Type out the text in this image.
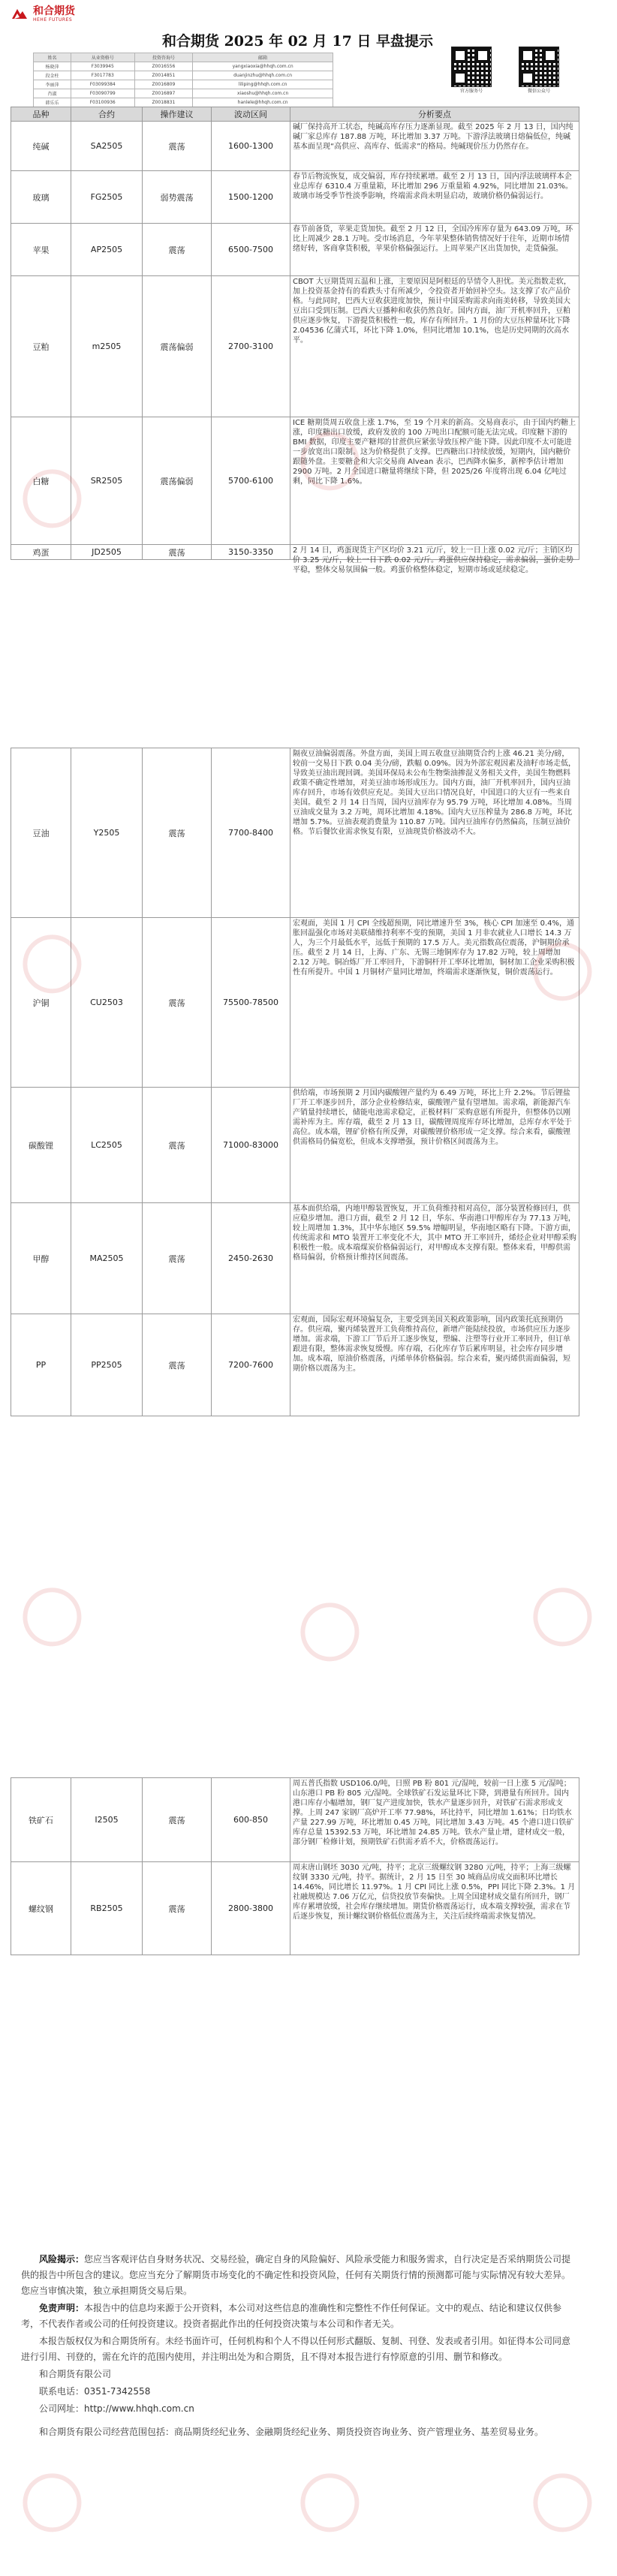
和合期货
HEHE FUTURES
和合期货 2025 年 02 月 17 日 早盘提示
姓名	从业资格号	投资咨询号	邮箱
杨晓萍	F3039945	Z0016556	yangxiaoxia@hhqh.com.cn
段金柱	F3017783	Z0014851	duanjinzhu@hhqh.com.cn
李丽萍	F03099384	Z0016809	liliping@hhqh.com.cn
肖淑	F03090799	Z0016897	xiaoshu@hhqh.com.cn
韩乐乐	F03100936	Z0018831	hanlele@hhqh.com.cn
官方服务号	微信公众号
品种	合约	操作建议	波动区间	分析要点
纯碱	SA2505	震荡	1600-1300	碱厂保持高开工状态，纯碱高库存压力逐渐显现。截至 2025 年 2 月 13 日，国内纯碱厂家总库存 187.88 万吨，环比增加 3.37 万吨。下游浮法玻璃日熔偏低位，纯碱基本面呈现“高供应、高库存、低需求”的格局。纯碱现价压力仍然存在。

玻璃	FG2505	弱势震荡	1500-1200	春节后物流恢复，成交偏弱，库存持续累增。截至 2 月 13 日，国内浮法玻璃样本企业总库存 6310.4 万重量箱，环比增加 296 万重量箱 4.92%，同比增加 21.03%。玻璃市场受季节性淡季影响，终端需求尚未明显启动，玻璃价格仍偏弱运行。

苹果	AP2505	震荡	6500-7500	春节前备货，苹果走货加快。截至 2 月 12 日，全国冷库库存量为 643.09 万吨，环比上周减少 28.1 万吨。受市场消息，今年苹果整体销售情况好于往年，近期市场情绪好转，客商拿货积极，苹果价格偏强运行。上周苹果产区出货加快，走货偏强。

豆粕	m2505	震荡偏弱	2700-3100	CBOT 大豆期货周五温和上涨，主要原因是阿根廷的旱情令人担忧。美元指数走软，加上投资基金持有的看跌头寸有所减少，令投资者开始回补空头。这支撑了农产品价格。与此同时，巴西大豆收获进度加快，预计中国采购需求向南美转移，导致美国大豆出口受到压制。巴西大豆播种和收获仍然良好。国内方面，油厂开机率回升，豆粕供应逐步恢复，下游提货积极性一般，库存有所回升。1 月份的大豆压榨量环比下降 2.04536 亿蒲式耳，环比下降 1.0%，但同比增加 10.1%，也是历史同期的次高水平。

白糖	SR2505	震荡偏弱	5700-6100	ICE 糖期货周五收盘上涨 1.7%，至 19 个月来的新高。交易商表示，由于国内约糖上涨，印度糖出口放缓，政府发放的 100 万吨出口配额可能无法完成。印度糖下游的 BMI 数据，印度主要产糖邦的甘蔗供应紧张导致压榨产能下降。因此印度不太可能进一步放宽出口限制。这为价格提供了支撑。巴西糖出口持续放缓，短期内，国内糖价跟随外盘。主要糖企和大宗交易商 Alvean 表示，巴西降水偏多，新榨季估计增加 2900 万吨。2 月全国进口糖量将继续下降，但 2025/26 年度将出现 6.04 亿吨过剩，同比下降 1.6%。

鸡蛋	JD2505	震荡	3150-3350	2 月 14 日，鸡蛋现货主产区均价 3.21 元/斤，较上一日上涨 0.02 元/斤；主销区均价 3.25 元/斤，较上一日下跌 0.02 元/斤。鸡蛋供应保持稳定，需求偏弱，蛋价走势平稳，整体交易氛围偏一般。鸡蛋价格整体稳定，短期市场或延续稳定。
豆油	Y2505	震荡	7700-8400	隔夜豆油偏弱震荡。外盘方面，美国上周五收盘豆油期货合约上涨 46.21 美分/磅，较前一交易日下跌 0.04 美分/磅，跌幅 0.09%。因为外部宏观因素及油籽市场走低，导致美豆油出现回调。美国环保局未公布生物柴油掺混义务相关文件，美国生物燃料政策不确定性增加，对美豆油市场形成压力。国内方面，油厂开机率回升，国内豆油库存回升，市场有效供应充足。美国大豆出口情况良好，中国进口的大豆有一些来自美国。截至 2 月 14 日当周，国内豆油库存为 95.79 万吨，环比增加 4.08%。当周豆油成交量为 3.2 万吨，周环比增加 4.18%。国内大豆压榨量为 286.8 万吨，环比增加 5.7%。豆油表观消费量为 110.87 万吨。国内豆油库存仍然偏高，压制豆油价格。节后餐饮业需求恢复有限，豆油现货价格波动不大。

沪铜	CU2503	震荡	75500-78500	宏观面，美国 1 月 CPI 全线超预期，同比增速升至 3%，核心 CPI 加速至 0.4%，通胀回温强化市场对美联储维持利率不变的预期，美国 1 月非农就业人口增长 14.3 万人，为三个月最低水平，远低于预期的 17.5 万人。美元指数高位震荡，沪铜期价承压。截至 2 月 14 日，上海、广东、无锡三地铜库存为 17.82 万吨，较上周增加 2.12 万吨。铜冶炼厂开工率回升，下游铜杆开工率环比增加，铜材加工企业采购积极性有所提升。中国 1 月铜材产量同比增加，终端需求逐渐恢复，铜价震荡运行。

碳酸锂	LC2505	震荡	71000-83000	供给端，市场预期 2 月国内碳酸锂产量约为 6.49 万吨，环比上升 2.2%。节后锂盐厂开工率逐步回升，部分企业检修结束，碳酸锂产量有望增加。需求端，新能源汽车产销量持续增长，储能电池需求稳定，正极材料厂采购意愿有所提升，但整体仍以刚需补库为主。库存端，截至 2 月 13 日，碳酸锂周度库存环比增加，总库存水平处于高位。成本端，锂矿价格有所反弹，对碳酸锂价格形成一定支撑。综合来看，碳酸锂供需格局仍偏宽松，但成本支撑增强，预计价格区间震荡为主。

甲醇	MA2505	震荡	2450-2630	基本面供给端，内地甲醇装置恢复，开工负荷维持相对高位，部分装置检修回归，供应稳步增加。港口方面，截至 2 月 12 日，华东、华南港口甲醇库存为 77.13 万吨，较上周增加 1.3%，其中华东地区 59.5% 增幅明显，华南地区略有下降。下游方面，传统需求和 MTO 装置开工率变化不大，其中 MTO 开工率回升，烯烃企业对甲醇采购积极性一般。成本端煤炭价格偏弱运行，对甲醇成本支撑有限。整体来看，甲醇供需格局偏弱，价格预计维持区间震荡。

PP	PP2505	震荡	7200-7600	宏观面，国际宏观环境偏复杂，主要受到美国关税政策影响，国内政策托底预期仍存。供应端，聚丙烯装置开工负荷维持高位，新增产能陆续投放，市场供应压力逐步增加。需求端，下游工厂节后开工逐步恢复，塑编、注塑等行业开工率回升，但订单跟进有限，整体需求恢复缓慢。库存端，石化库存节后累库明显，社会库存同步增加。成本端，原油价格震荡，丙烯单体价格偏弱。综合来看，聚丙烯供需面偏弱，短期价格以震荡为主。
铁矿石	I2505	震荡	600-850	周五普氏指数 USD106.0/吨，日照 PB 粉 801 元/湿吨，较前一日上涨 5 元/湿吨；山东港口 PB 粉 805 元/湿吨。全球铁矿石发运量环比下降，到港量有所回升。国内港口库存小幅增加，钢厂复产进度加快，铁水产量逐步回升，对铁矿石需求形成支撑。上周 247 家钢厂高炉开工率 77.98%，环比持平，同比增加 1.61%；日均铁水产量 227.99 万吨，环比增加 0.45 万吨，同比增加 3.43 万吨。45 个港口进口铁矿库存总量 15392.53 万吨，环比增加 24.85 万吨。铁水产量止增，建材成交一般，部分钢厂检修计划，预期铁矿石供需矛盾不大，价格震荡运行。

螺纹钢	RB2505	震荡	2800-3800	周末唐山钢坯 3030 元/吨，持平；北京三级螺纹钢 3280 元/吨，持平；上海三级螺纹钢 3330 元/吨，持平。据统计，2 月 15 日至 30 城商品房成交面积环比增长 14.46%，同比增长 11.97%。1 月 CPI 同比上涨 0.5%，PPI 同比下降 2.3%。1 月社融规模达 7.06 万亿元，信贷投放节奏偏快。上周全国建材成交量有所回升，钢厂库存累增放缓，社会库存继续增加。期货价格震荡运行，成本端支撑较强，需求在节后逐步恢复，预计螺纹钢价格低位震荡为主，关注后续终端需求恢复情况。

风险揭示：您应当客观评估自身财务状况、交易经验，确定自身的风险偏好、风险承受能力和服务需求，自行决定是否采纳期货公司提供的报告中所包含的建议。您应当充分了解期货市场变化的不确定性和投资风险，任何有关期货行情的预测都可能与实际情况有较大差异。您应当审慎决策，独立承担期货交易后果。

免责声明：本报告中的信息均来源于公开资料，本公司对这些信息的准确性和完整性不作任何保证。文中的观点、结论和建议仅供参考，不代表作者或公司的任何投资建议。投资者据此作出的任何投资决策与本公司和作者无关。

本报告版权仅为和合期货所有。未经书面许可，任何机构和个人不得以任何形式翻版、复制、刊登、发表或者引用。如征得本公司同意进行引用、刊登的，需在允许的范围内使用，并注明出处为和合期货，且不得对本报告进行有悖原意的引用、删节和修改。

和合期货有限公司

联系电话：0351-7342558

公司网址：http://www.hhqh.com.cn

和合期货有限公司经营范围包括：商品期货经纪业务、金融期货经纪业务、期货投资咨询业务、资产管理业务、基差贸易业务。
